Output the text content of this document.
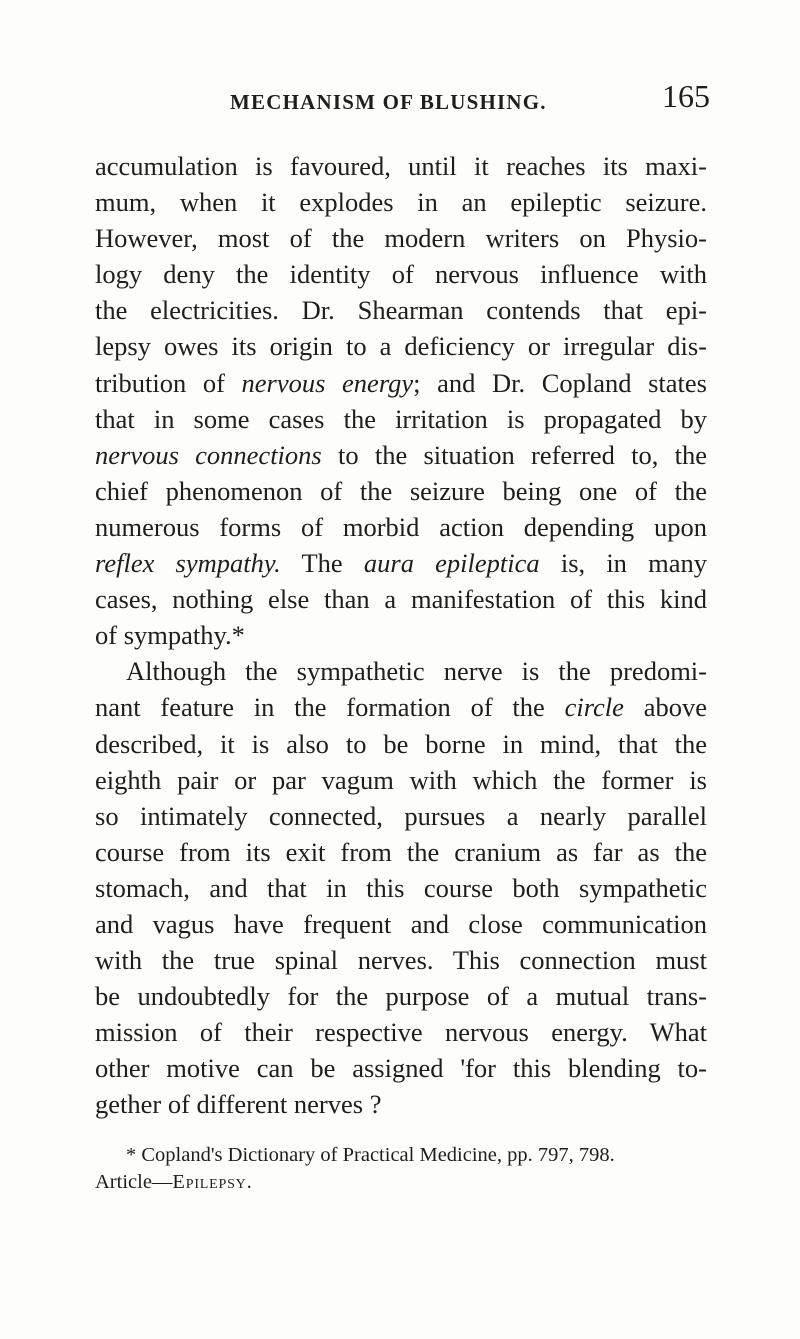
MECHANISM OF BLUSHING.	165
accumulation is favoured, until it reaches its maxi-
mum, when it explodes in an epileptic seizure.
However, most of the modern writers on Physio-
logy deny the identity of nervous influence with
the electricities. Dr. Shearman contends that epi-
lepsy owes its origin to a deficiency or irregular dis-
tribution of nervous energy; and Dr. Copland states
that in some cases the irritation is propagated by
nervous connections to the situation referred to, the
chief phenomenon of the seizure being one of the
numerous forms of morbid action depending upon
reflex sympathy. The aura epileptica is, in many
cases, nothing else than a manifestation of this kind
of sympathy.*
Although the sympathetic nerve is the predomi-
nant feature in the formation of the circle above
described, it is also to be borne in mind, that the
eighth pair or par vagum with which the former is
so intimately connected, pursues a nearly parallel
course from its exit from the cranium as far as the
stomach, and that in this course both sympathetic
and vagus have frequent and close communication
with the true spinal nerves. This connection must
be undoubtedly for the purpose of a mutual trans-
mission of their respective nervous energy. What
other motive can be assigned 'for this blending to-
gether of different nerves ?
* Copland's Dictionary of Practical Medicine, pp. 797, 798.
Article—Epilepsy.
